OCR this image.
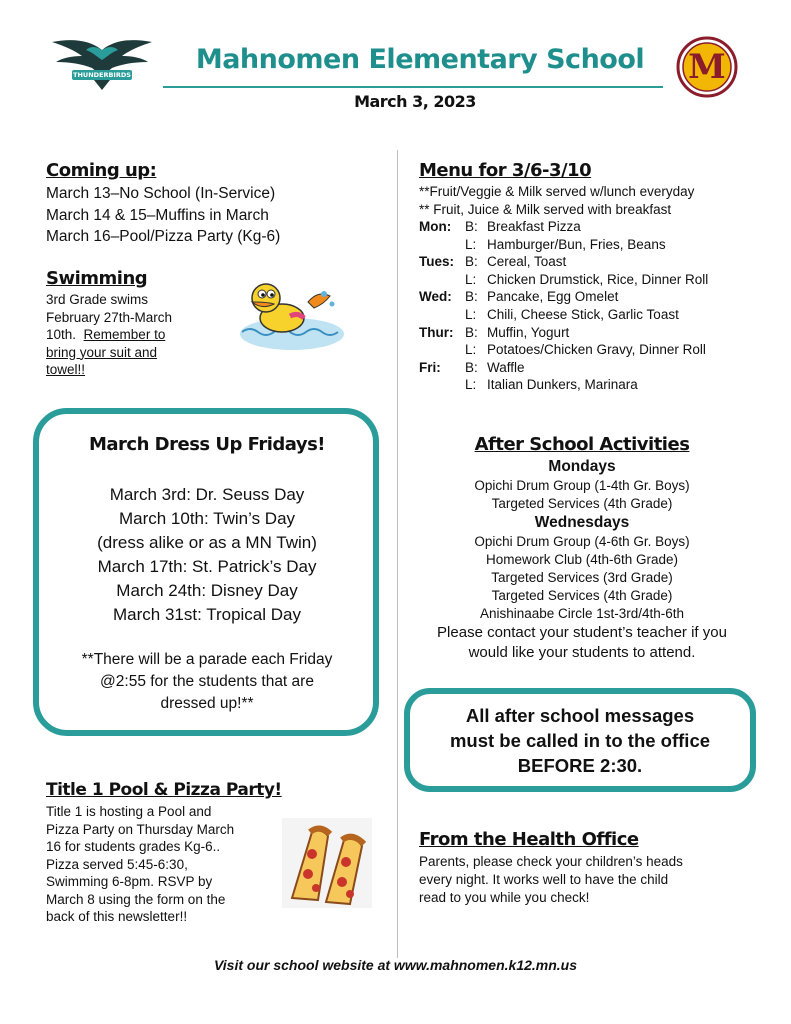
THUNDERBIRDS	Mahnomen Elementary School
March 3, 2023
M
Coming up:
March 13–No School (In-Service)
March 14 & 15–Muffins in March
March 16–Pool/Pizza Party (Kg-6)
Swimming
3rd Grade swims
February 27th-March
10th. Remember to
bring your suit and
towel!!
March Dress Up Fridays!
March 3rd: Dr. Seuss Day
March 10th: Twin’s Day
(dress alike or as a MN Twin)
March 17th: St. Patrick’s Day
March 24th: Disney Day
March 31st: Tropical Day
**There will be a parade each Friday
@2:55 for the students that are
dressed up!**
Title 1 Pool & Pizza Party!
Title 1 is hosting a Pool and
Pizza Party on Thursday March
16 for students grades Kg-6..
Pizza served 5:45-6:30,
Swimming 6-8pm. RSVP by
March 8 using the form on the
back of this newsletter!!
Menu for 3/6-3/10
**Fruit/Veggie & Milk served w/lunch everyday
** Fruit, Juice & Milk served with breakfast
Mon: B: Breakfast Pizza
L: Hamburger/Bun, Fries, Beans
Tues: B: Cereal, Toast
L: Chicken Drumstick, Rice, Dinner Roll
Wed: B: Pancake, Egg Omelet
L: Chili, Cheese Stick, Garlic Toast
Thur: B: Muffin, Yogurt
L: Potatoes/Chicken Gravy, Dinner Roll
Fri: B: Waffle
L: Italian Dunkers, Marinara
After School Activities
Mondays
Opichi Drum Group (1-4th Gr. Boys)
Targeted Services (4th Grade)
Wednesdays
Opichi Drum Group (4-6th Gr. Boys)
Homework Club (4th-6th Grade)
Targeted Services (3rd Grade)
Targeted Services (4th Grade)
Anishinaabe Circle 1st-3rd/4th-6th
Please contact your student’s teacher if you
would like your students to attend.
All after school messages
must be called in to the office
BEFORE 2:30.
From the Health Office
Parents, please check your children’s heads
every night. It works well to have the child
read to you while you check!
Visit our school website at www.mahnomen.k12.mn.us
